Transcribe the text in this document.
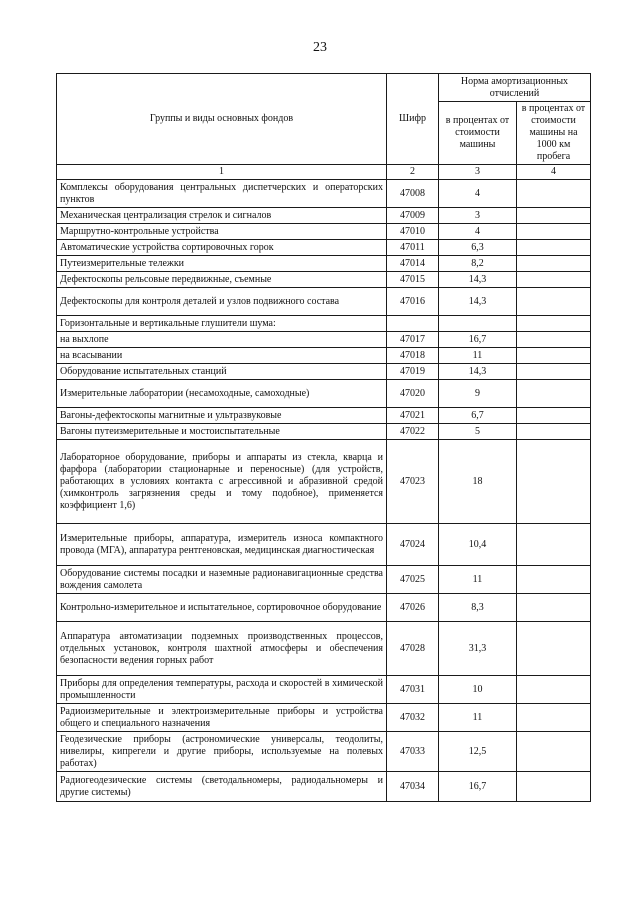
23
Группы и виды основных фондов	Шифр	Норма амортизационных отчислений	
		в процентах от стоимости машины	в процентах от стоимости машины на 1000 км пробега
1	2	3	4
Комплексы оборудования центральных диспетчерских и операторских пунктов	47008	4	
Механическая централизация стрелок и сигналов	47009	3	
Маршрутно-контрольные устройства	47010	4	
Автоматические устройства сортировочных горок	47011	6,3	
Путеизмерительные тележки	47014	8,2	
Дефектоскопы рельсовые передвижные, съемные	47015	14,3	
Дефектоскопы для контроля деталей и узлов подвижного состава	47016	14,3	
Горизонтальные и вертикальные глушители шума:			
на выхлопе	47017	16,7	
на всасывании	47018	11	
Оборудование испытательных станций	47019	14,3	
Измерительные лаборатории (несамоходные, самоходные)	47020	9	
Вагоны-дефектоскопы магнитные и ультразвуковые	47021	6,7	
Вагоны путеизмерительные и мостоиспытательные	47022	5	
Лабораторное оборудование, приборы и аппараты из стекла, кварца и фарфора (лаборатории стационарные и переносные) (для устройств, работающих в условиях контакта с агрессивной и абразивной средой (химконтроль загрязнения среды и тому подобное), применяется коэффициент 1,6)	47023	18	
Измерительные приборы, аппаратура, измеритель износа компактного провода (МГА), аппаратура рентгеновская, медицинская диагностическая	47024	10,4	
Оборудование системы посадки и наземные радионавигационные средства вождения самолета	47025	11	
Контрольно-измерительное и испытательное, сортировочное оборудование	47026	8,3	
Аппаратура автоматизации подземных производственных процессов, отдельных установок, контроля шахтной атмосферы и обеспечения безопасности ведения горных работ	47028	31,3	
Приборы для определения температуры, расхода и скоростей в химической промышленности	47031	10	
Радиоизмерительные и электроизмерительные приборы и устройства общего и специального назначения	47032	11	
Геодезические приборы (астрономические универсалы, теодолиты, нивелиры, кипрегели и другие приборы, используемые на полевых работах)	47033	12,5	
Радиогеодезические системы (светодальномеры, радиодальномеры и другие системы)	47034	16,7	
